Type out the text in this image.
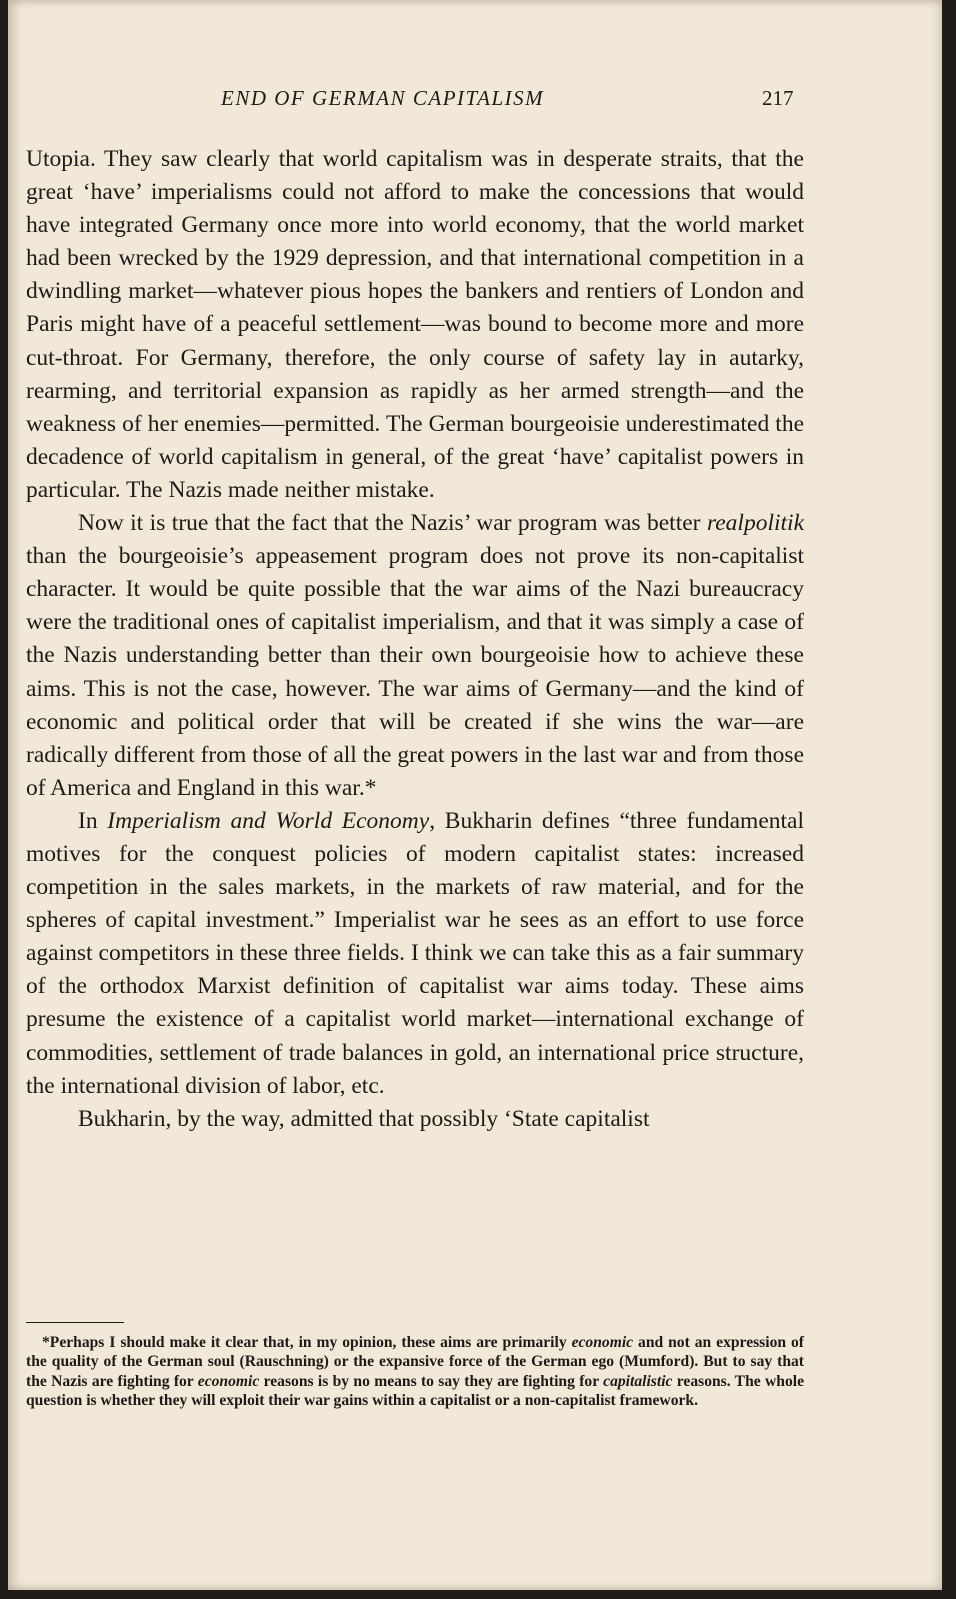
END OF GERMAN CAPITALISM	217

Utopia. They saw clearly that world capitalism was in desperate straits, that the great ‘have’ imperialisms could not afford to make the concessions that would have integrated Germany once more into world economy, that the world market had been wrecked by the 1929 depression, and that international competition in a dwindling market—whatever pious hopes the bankers and rentiers of London and Paris might have of a peaceful settlement—was bound to become more and more cut-throat. For Germany, therefore, the only course of safety lay in autarky, rearming, and territorial expansion as rapidly as her armed strength—and the weakness of her enemies—permitted. The German bourgeoisie underestimated the decadence of world capitalism in general, of the great ‘have’ capitalist powers in particular. The Nazis made neither mistake.

Now it is true that the fact that the Nazis’ war program was better realpolitik than the bourgeoisie’s appeasement program does not prove its non-capitalist character. It would be quite possible that the war aims of the Nazi bureaucracy were the traditional ones of capitalist imperialism, and that it was simply a case of the Nazis understanding better than their own bourgeoisie how to achieve these aims. This is not the case, however. The war aims of Germany—and the kind of economic and political order that will be created if she wins the war—are radically different from those of all the great powers in the last war and from those of America and England in this war.*

In Imperialism and World Economy, Bukharin defines “three fundamental motives for the conquest policies of modern capitalist states: increased competition in the sales markets, in the markets of raw material, and for the spheres of capital investment.” Imperialist war he sees as an effort to use force against competitors in these three fields. I think we can take this as a fair summary of the orthodox Marxist definition of capitalist war aims today. These aims presume the existence of a capitalist world market—international exchange of commodities, settlement of trade balances in gold, an international price structure, the international division of labor, etc.

Bukharin, by the way, admitted that possibly ‘State capitalist

*Perhaps I should make it clear that, in my opinion, these aims are primarily economic and not an expression of the quality of the German soul (Rauschning) or the expansive force of the German ego (Mumford). But to say that the Nazis are fighting for economic reasons is by no means to say they are fighting for capitalistic reasons. The whole question is whether they will exploit their war gains within a capitalist or a non-capitalist framework.
